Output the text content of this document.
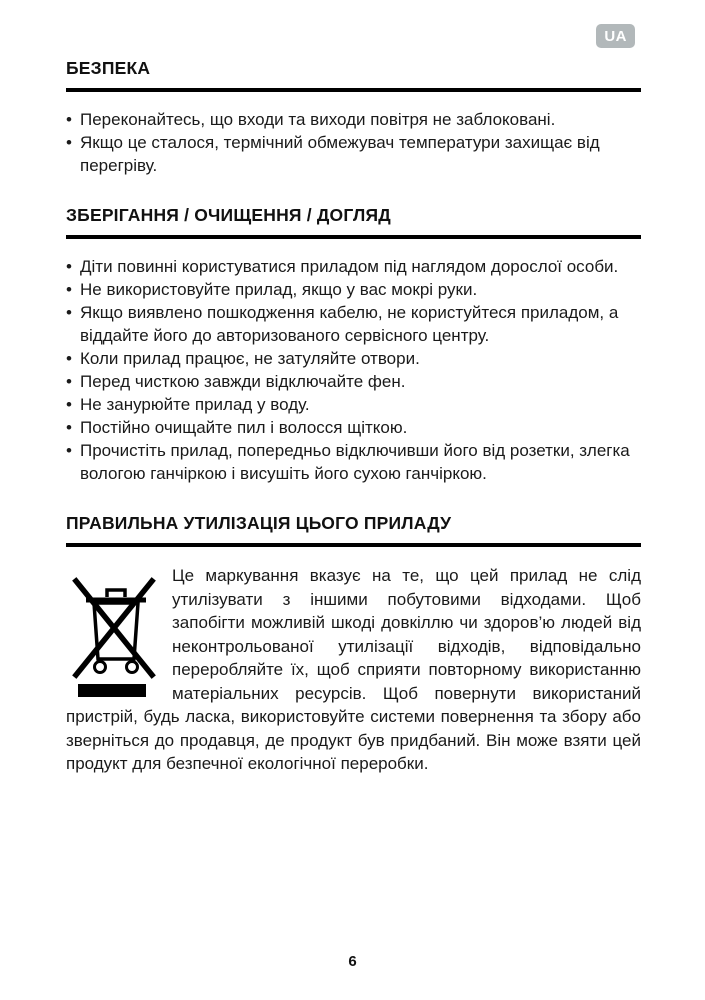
UA
БЕЗПЕКА
• Переконайтесь, що входи та виходи повітря не заблоковані.
• Якщо це сталося, термічний обмежувач температури захищає від перегріву.
ЗБЕРІГАННЯ / ОЧИЩЕННЯ / ДОГЛЯД
• Діти повинні користуватися приладом під наглядом дорослої особи.
• Не використовуйте прилад, якщо у вас мокрі руки.
• Якщо виявлено пошкодження кабелю, не користуйтеся приладом, а віддайте його до авторизованого сервісного центру.
• Коли прилад працює, не затуляйте отвори.
• Перед чисткою завжди відключайте фен.
• Не занурюйте прилад у воду.
• Постійно очищайте пил і волосся щіткою.
• Прочистіть прилад, попередньо відключивши його від розетки, злегка вологою ганчіркою і висушіть його сухою ганчіркою.
ПРАВИЛЬНА УТИЛІЗАЦІЯ ЦЬОГО ПРИЛАДУ

Це маркування вказує на те, що цей прилад не слід утилізувати з іншими побутовими відходами. Щоб запобігти можливій шкоді довкіллю чи здоров’ю людей від неконтрольованої утилізації відходів, відповідально переробляйте їх, щоб сприяти повторному використанню матеріальних ресурсів. Щоб повернути використаний пристрій, будь ласка, використовуйте системи повернення та збору або зверніться до продавця, де продукт був придбаний. Він може взяти цей продукт для безпечної екологічної переробки.

6
